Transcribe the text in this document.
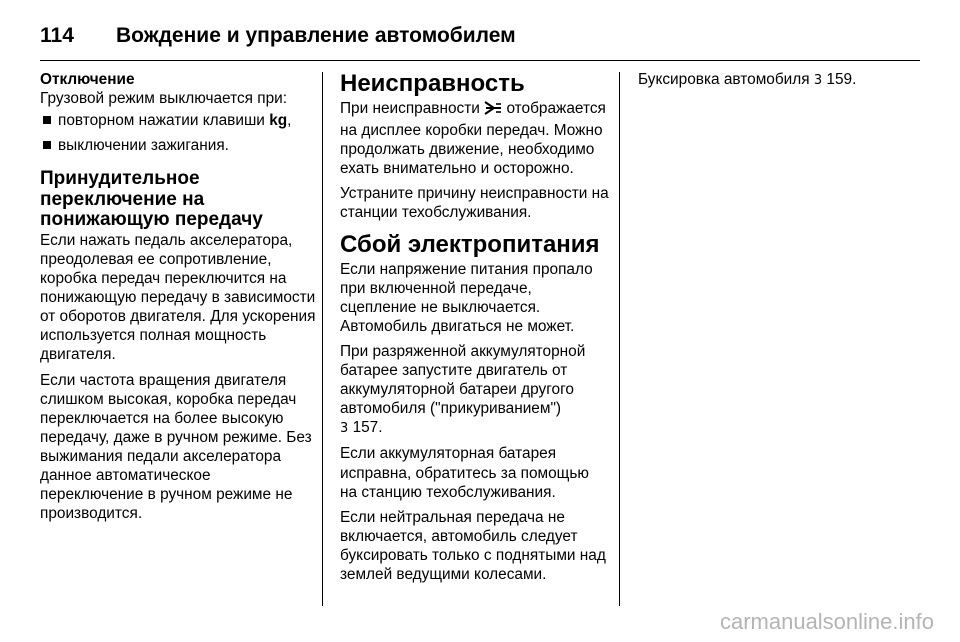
114	Вождение и управление автомобилем
Отключение

Грузовой режим выключается при:

повторном нажатии клавиши kg,
выключении зажигания.
Принудительное переключение на понижающую передачу

Если нажать педаль акселератора, преодолевая ее сопротивление, коробка передач переключится на понижающую передачу в зависимости от оборотов двигателя. Для ускорения используется полная мощность двигателя.

Если частота вращения двигателя слишком высокая, коробка передач переключается на более высокую передачу, даже в ручном режиме. Без выжимания педали акселератора данное автоматическое переключение в ручном режиме не производится.

Неисправность

При неисправности отображается на дисплее коробки передач. Можно продолжать движение, необходимо ехать внимательно и осторожно.

Устраните причину неисправности на станции техобслуживания.

Сбой электропитания

Если напряжение питания пропало при включенной передаче, сцепление не выключается. Автомобиль двигаться не может.

При разряженной аккумуляторной батарее запустите двигатель от аккумуляторной батареи другого автомобиля ("прикуриванием")
3 157.

Если аккумуляторная батарея исправна, обратитесь за помощью на станцию техобслуживания.

Если нейтральная передача не включается, автомобиль следует буксировать только с поднятыми над землей ведущими колесами.

Буксировка автомобиля 3 159.

carmanualsonline.info
